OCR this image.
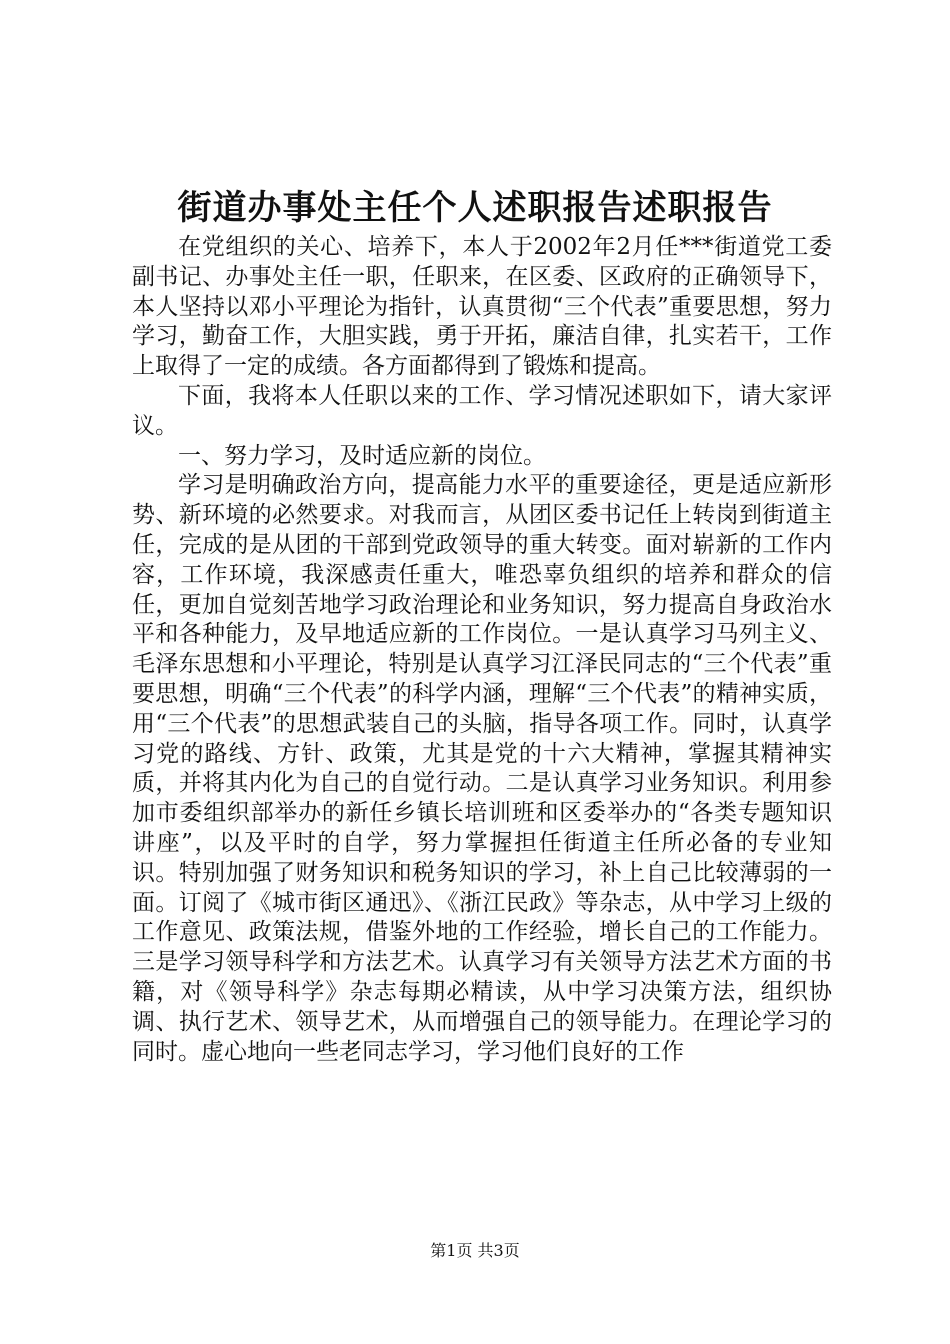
街道办事处主任个人述职报告述职报告

在党组织的关心、培养下，本人于2002年2月任***街道党工委副书记、办事处主任一职，任职来，在区委、区政府的正确领导下，本人坚持以邓小平理论为指针，认真贯彻“三个代表”重要思想，努力学习，勤奋工作，大胆实践，勇于开拓，廉洁自律，扎实若干，工作上取得了一定的成绩。各方面都得到了锻炼和提高。

下面，我将本人任职以来的工作、学习情况述职如下，请大家评议。

一、努力学习，及时适应新的岗位。

学习是明确政治方向，提高能力水平的重要途径，更是适应新形势、新环境的必然要求。对我而言，从团区委书记任上转岗到街道主任，完成的是从团的干部到党政领导的重大转变。面对崭新的工作内容，工作环境，我深感责任重大，唯恐辜负组织的培养和群众的信任，更加自觉刻苦地学习政治理论和业务知识，努力提高自身政治水平和各种能力，及早地适应新的工作岗位。一是认真学习马列主义、毛泽东思想和小平理论，特别是认真学习江泽民同志的“三个代表”重要思想，明确“三个代表”的科学内涵，理解“三个代表”的精神实质，用“三个代表”的思想武装自己的头脑，指导各项工作。同时，认真学习党的路线、方针、政策，尤其是党的十六大精神，掌握其精神实质，并将其内化为自己的自觉行动。二是认真学习业务知识。利用参加市委组织部举办的新任乡镇长培训班和区委举办的“各类专题知识讲座”，以及平时的自学，努力掌握担任街道主任所必备的专业知识。特别加强了财务知识和税务知识的学习，补上自己比较薄弱的一面。订阅了《城市街区通迅》、《浙江民政》等杂志，从中学习上级的工作意见、政策法规，借鉴外地的工作经验，增长自己的工作能力。三是学习领导科学和方法艺术。认真学习有关领导方法艺术方面的书籍，对《领导科学》杂志每期必精读，从中学习决策方法，组织协调、执行艺术、领导艺术，从而增强自己的领导能力。在理论学习的同时。虚心地向一些老同志学习，学习他们良好的工作

第1页 共3页
